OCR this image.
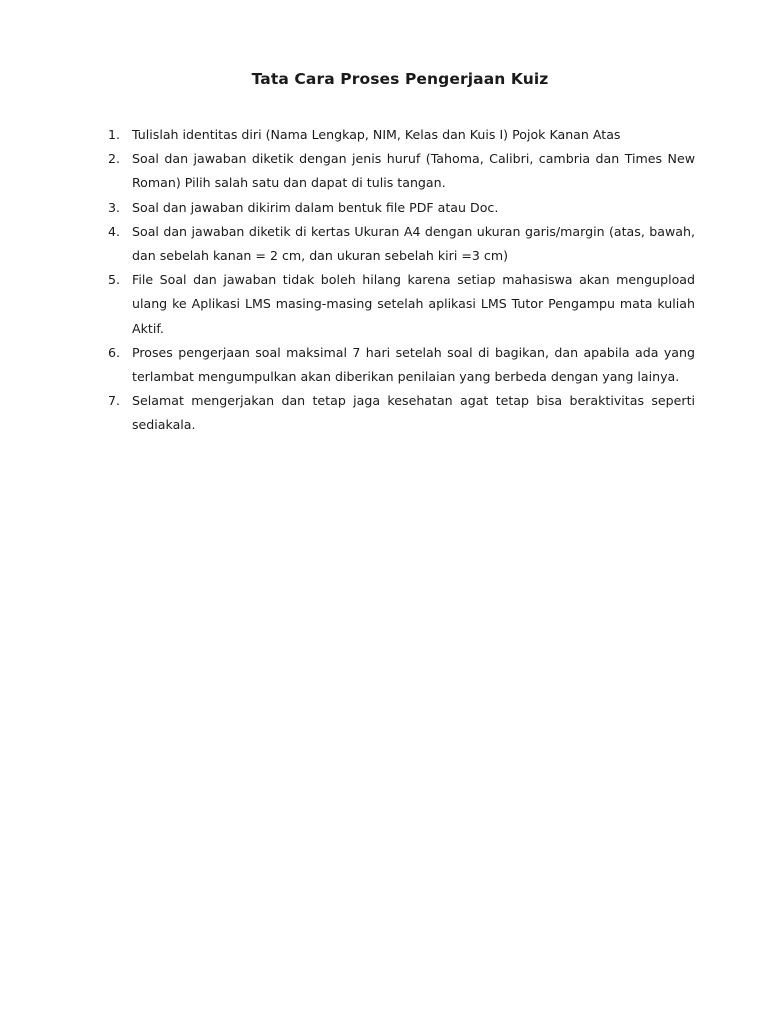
Tata Cara Proses Pengerjaan Kuiz
1. Tulislah identitas diri (Nama Lengkap, NIM, Kelas dan Kuis I) Pojok Kanan Atas
2. Soal dan jawaban diketik dengan jenis huruf (Tahoma, Calibri, cambria dan Times New Roman) Pilih salah satu dan dapat di tulis tangan.
3. Soal dan jawaban dikirim dalam bentuk file PDF atau Doc.
4. Soal dan jawaban diketik di kertas Ukuran A4 dengan ukuran garis/margin (atas, bawah, dan sebelah kanan = 2 cm, dan ukuran sebelah kiri =3 cm)
5. File Soal dan jawaban tidak boleh hilang karena setiap mahasiswa akan mengupload ulang ke Aplikasi LMS masing-masing setelah aplikasi LMS Tutor Pengampu mata kuliah Aktif.
6. Proses pengerjaan soal maksimal 7 hari setelah soal di bagikan, dan apabila ada yang terlambat mengumpulkan akan diberikan penilaian yang berbeda dengan yang lainya.
7. Selamat mengerjakan dan tetap jaga kesehatan agat tetap bisa beraktivitas seperti sediakala.
